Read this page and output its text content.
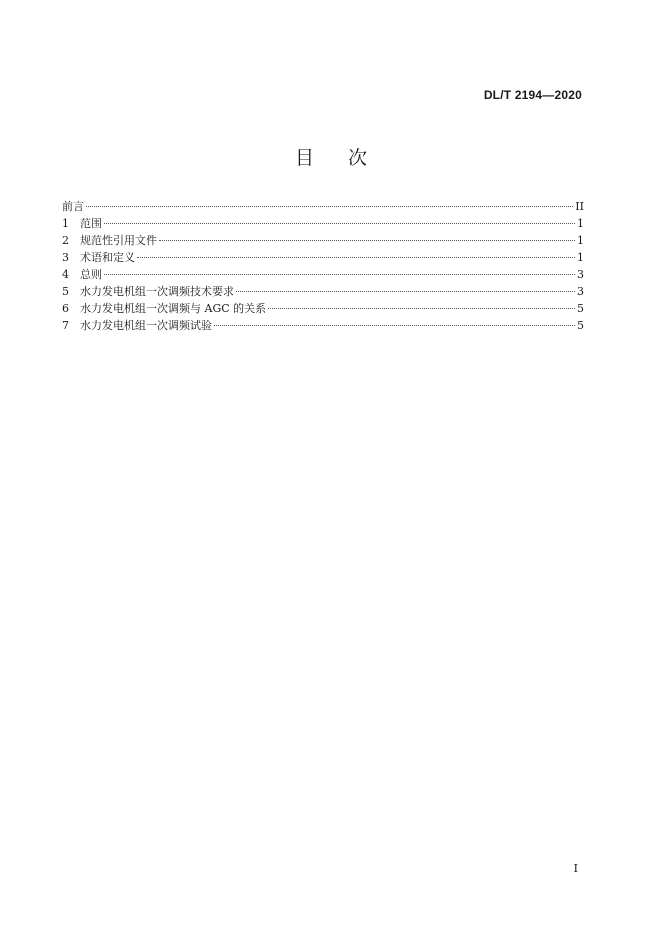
DL/T 2194—2020
目 次
前言	II
1	范围	1
2	规范性引用文件	1
3	术语和定义	1
4	总则	3
5	水力发电机组一次调频技术要求	3
6	水力发电机组一次调频与 AGC 的关系	5
7	水力发电机组一次调频试验	5
I
